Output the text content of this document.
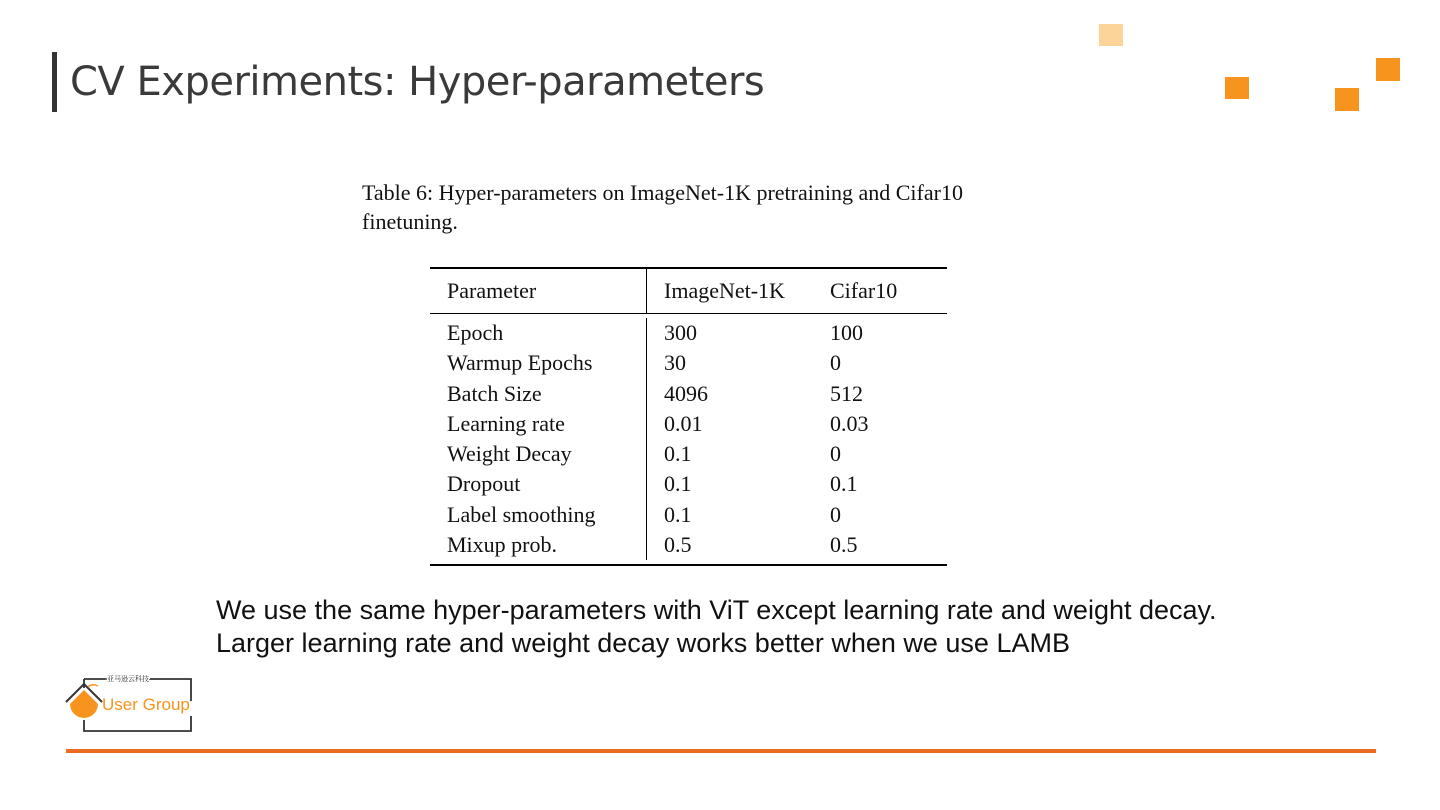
CV Experiments: Hyper-parameters
Table 6: Hyper-parameters on ImageNet-1K pretraining and Cifar10 finetuning.
Parameter	ImageNet-1K	Cifar10
Epoch	300	100
Warmup Epochs	30	0
Batch Size	4096	512
Learning rate	0.01	0.03
Weight Decay	0.1	0
Dropout	0.1	0.1
Label smoothing	0.1	0
Mixup prob.	0.5	0.5
We use the same hyper-parameters with ViT except learning rate and weight decay.
Larger learning rate and weight decay works better when we use LAMB
亚马逊云科技
User Group
